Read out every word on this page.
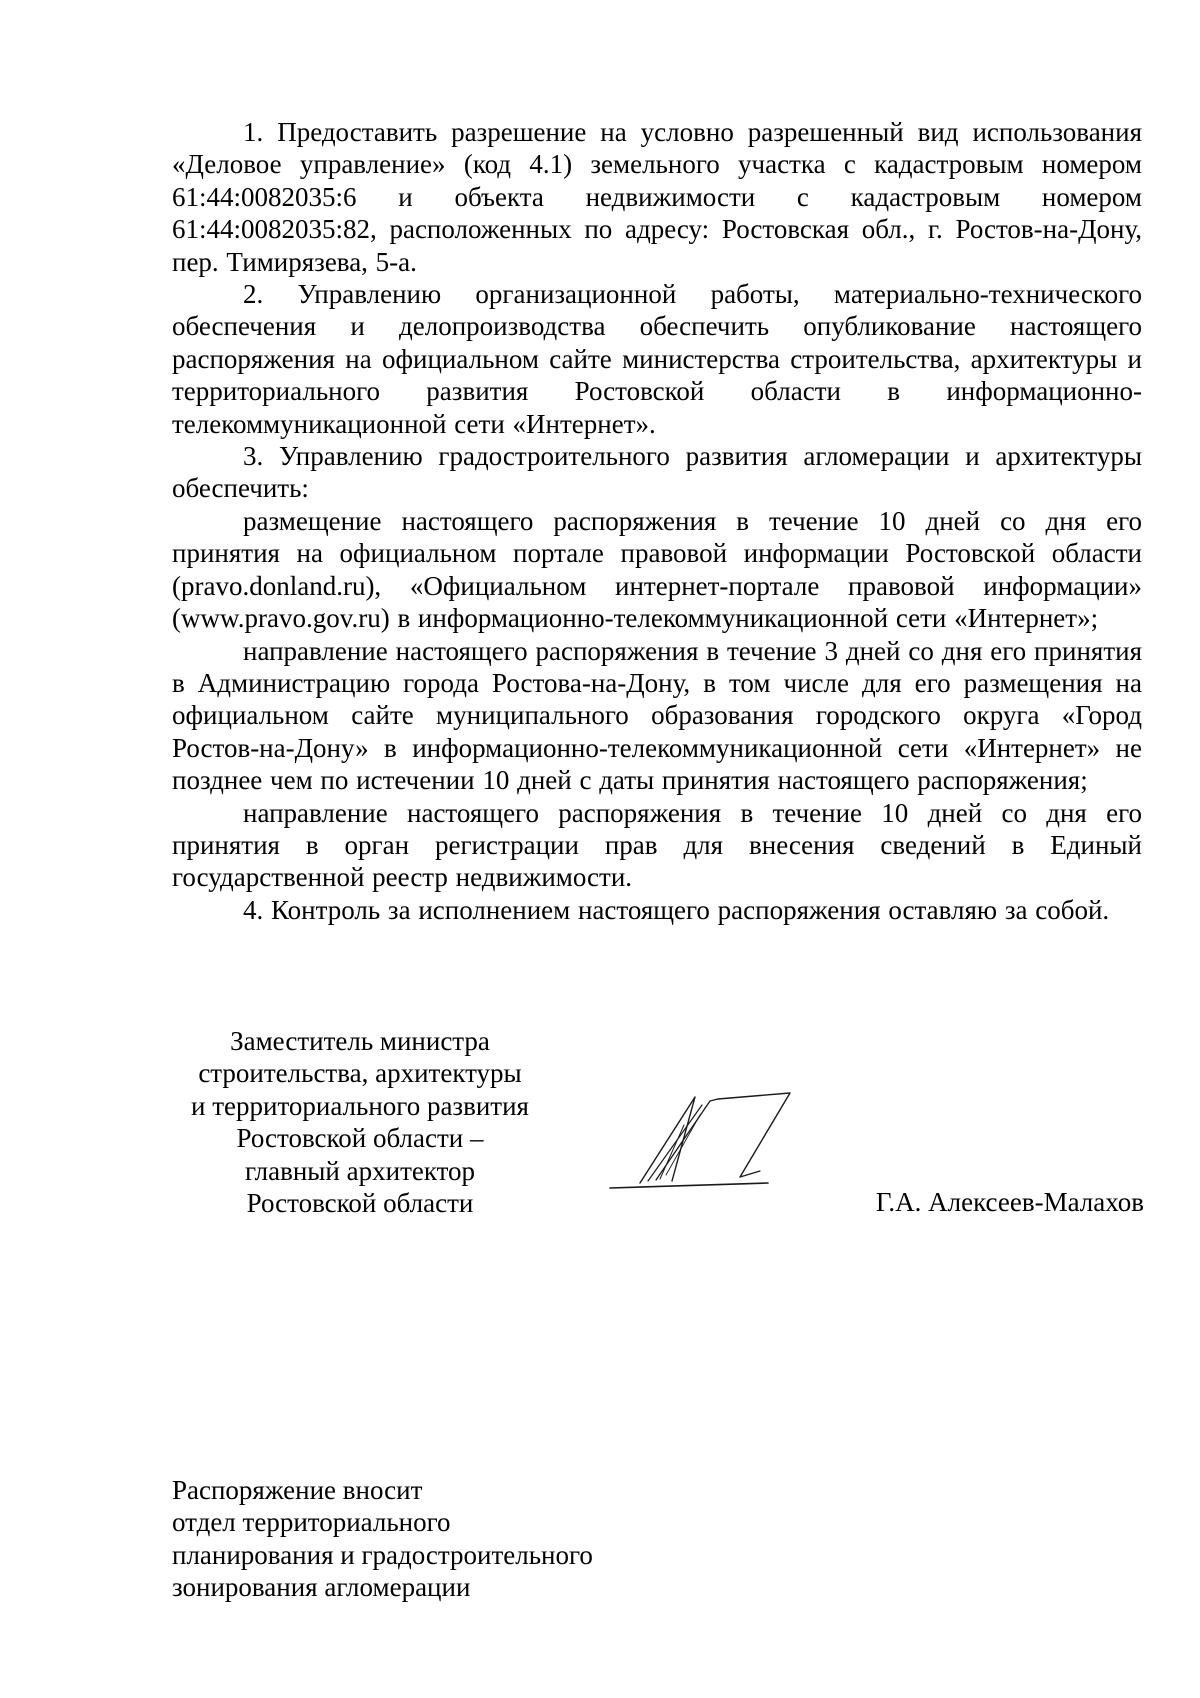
1. Предоставить разрешение на условно разрешенный вид использования «Деловое управление» (код 4.1) земельного участка с кадастровым номером 61:44:0082035:6 и объекта недвижимости с кадастровым номером 61:44:0082035:82, расположенных по адресу: Ростовская обл., г. Ростов-на-Дону, пер. Тимирязева, 5-а.

2. Управлению организационной работы, материально-технического обеспечения и делопроизводства обеспечить опубликование настоящего распоряжения на официальном сайте министерства строительства, архитектуры и территориального развития Ростовской области в информационно-телекоммуникационной сети «Интернет».

3. Управлению градостроительного развития агломерации и архитектуры обеспечить:

размещение настоящего распоряжения в течение 10 дней со дня его принятия на официальном портале правовой информации Ростовской области (pravo.donland.ru), «Официальном интернет-портале правовой информации» (www.pravo.gov.ru) в информационно-телекоммуникационной сети «Интернет»;

направление настоящего распоряжения в течение 3 дней со дня его принятия в Администрацию города Ростова-на-Дону, в том числе для его размещения на официальном сайте муниципального образования городского округа «Город Ростов-на-Дону» в информационно-телекоммуникационной сети «Интернет» не позднее чем по истечении 10 дней с даты принятия настоящего распоряжения;

направление настоящего распоряжения в течение 10 дней со дня его принятия в орган регистрации прав для внесения сведений в Единый государственной реестр недвижимости.

4. Контроль за исполнением настоящего распоряжения оставляю за собой.

Заместитель министра
строительства, архитектуры
и территориального развития
Ростовской области –
главный архитектор
Ростовской области	Г.А. Алексеев-Малахов
Распоряжение вносит
отдел территориального
планирования и градостроительного
зонирования агломерации
